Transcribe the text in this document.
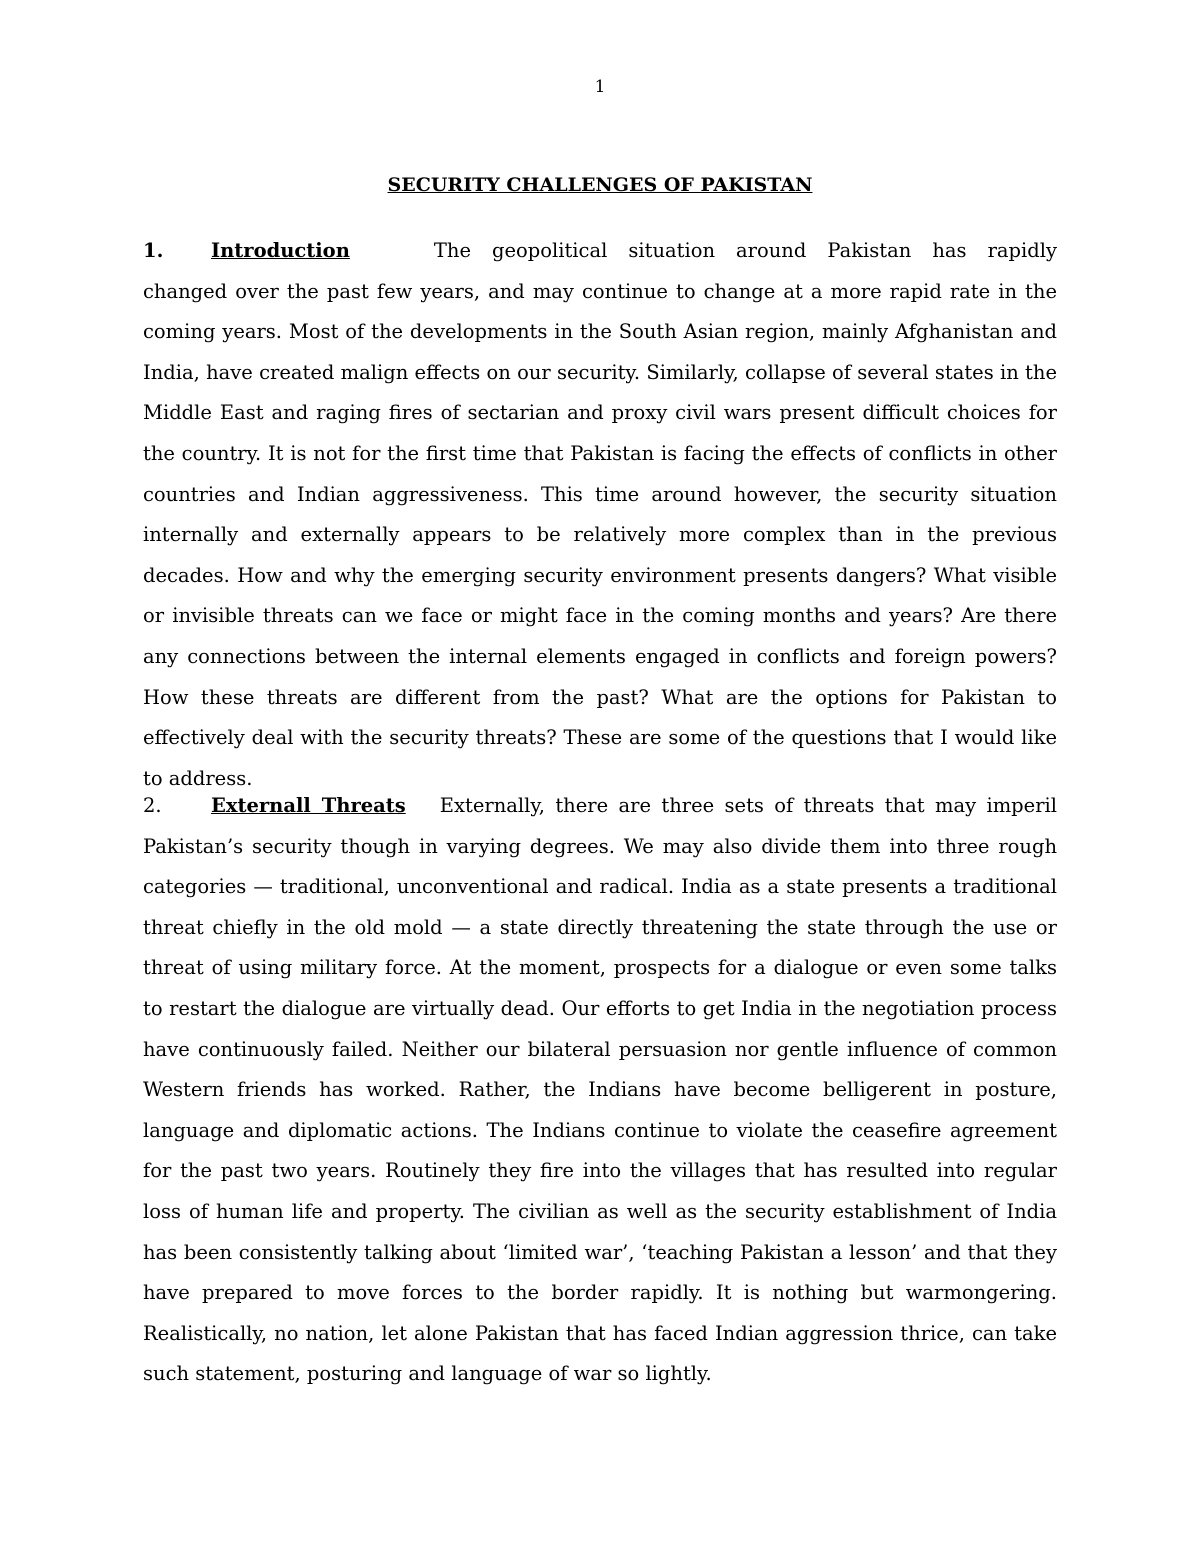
1
SECURITY CHALLENGES OF PAKISTAN

1. Introduction	The geopolitical situation around Pakistan has rapidly changed over the past few years, and may continue to change at a more rapid rate in the coming years. Most of the developments in the South Asian region, mainly Afghanistan and India, have created malign effects on our security. Similarly, collapse of several states in the Middle East and raging fires of sectarian and proxy civil wars present difficult choices for the country. It is not for the first time that Pakistan is facing the effects of conflicts in other countries and Indian aggressiveness. This time around however, the security situation internally and externally appears to be relatively more complex than in the previous decades. How and why the emerging security environment presents dangers? What visible or invisible threats can we face or might face in the coming months and years? Are there any connections between the internal elements engaged in conflicts and foreign powers? How these threats are different from the past? What are the options for Pakistan to effectively deal with the security threats? These are some of the questions that I would like to address.

2.	Externall Threats Externally, there are three sets of threats that may imperil Pakistan’s security though in varying degrees. We may also divide them into three rough categories — traditional, unconventional and radical. India as a state presents a traditional threat chiefly in the old mold — a state directly threatening the state through the use or threat of using military force. At the moment, prospects for a dialogue or even some talks to restart the dialogue are virtually dead. Our efforts to get India in the negotiation process have continuously failed. Neither our bilateral persuasion nor gentle influence of common Western friends has worked. Rather, the Indians have become belligerent in posture, language and diplomatic actions. The Indians continue to violate the ceasefire agreement for the past two years. Routinely they fire into the villages that has resulted into regular loss of human life and property. The civilian as well as the security establishment of India has been consistently talking about ‘limited war’, ‘teaching Pakistan a lesson’ and that they have prepared to move forces to the border rapidly. It is nothing but warmongering. Realistically, no nation, let alone Pakistan that has faced Indian aggression thrice, can take such statement, posturing and language of war so lightly.
